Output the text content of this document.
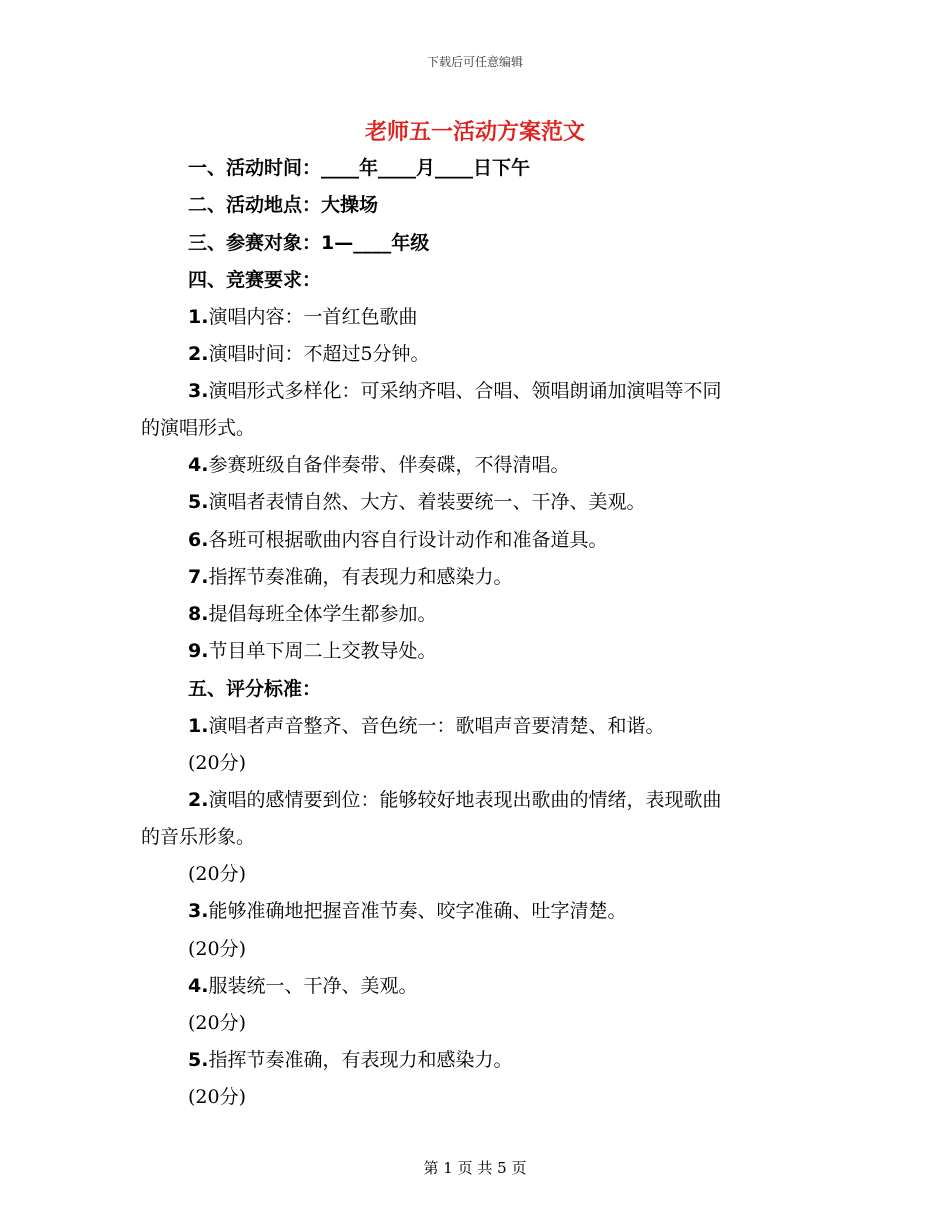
下载后可任意编辑
老师五一活动方案范文
一、活动时间：____年____月____日下午
二、活动地点：大操场
三、参赛对象：1—____年级
四、竞赛要求：
1.演唱内容：一首红色歌曲
2.演唱时间：不超过5分钟。
3.演唱形式多样化：可采纳齐唱、合唱、领唱朗诵加演唱等不同
的演唱形式。
4.参赛班级自备伴奏带、伴奏碟，不得清唱。
5.演唱者表情自然、大方、着装要统一、干净、美观。
6.各班可根据歌曲内容自行设计动作和准备道具。
7.指挥节奏准确，有表现力和感染力。
8.提倡每班全体学生都参加。
9.节目单下周二上交教导处。
五、评分标准：
1.演唱者声音整齐、音色统一：歌唱声音要清楚、和谐。
(20分)
2.演唱的感情要到位：能够较好地表现出歌曲的情绪，表现歌曲
的音乐形象。
(20分)
3.能够准确地把握音准节奏、咬字准确、吐字清楚。
(20分)
4.服装统一、干净、美观。
(20分)
5.指挥节奏准确，有表现力和感染力。
(20分)
第 1 页 共 5 页
